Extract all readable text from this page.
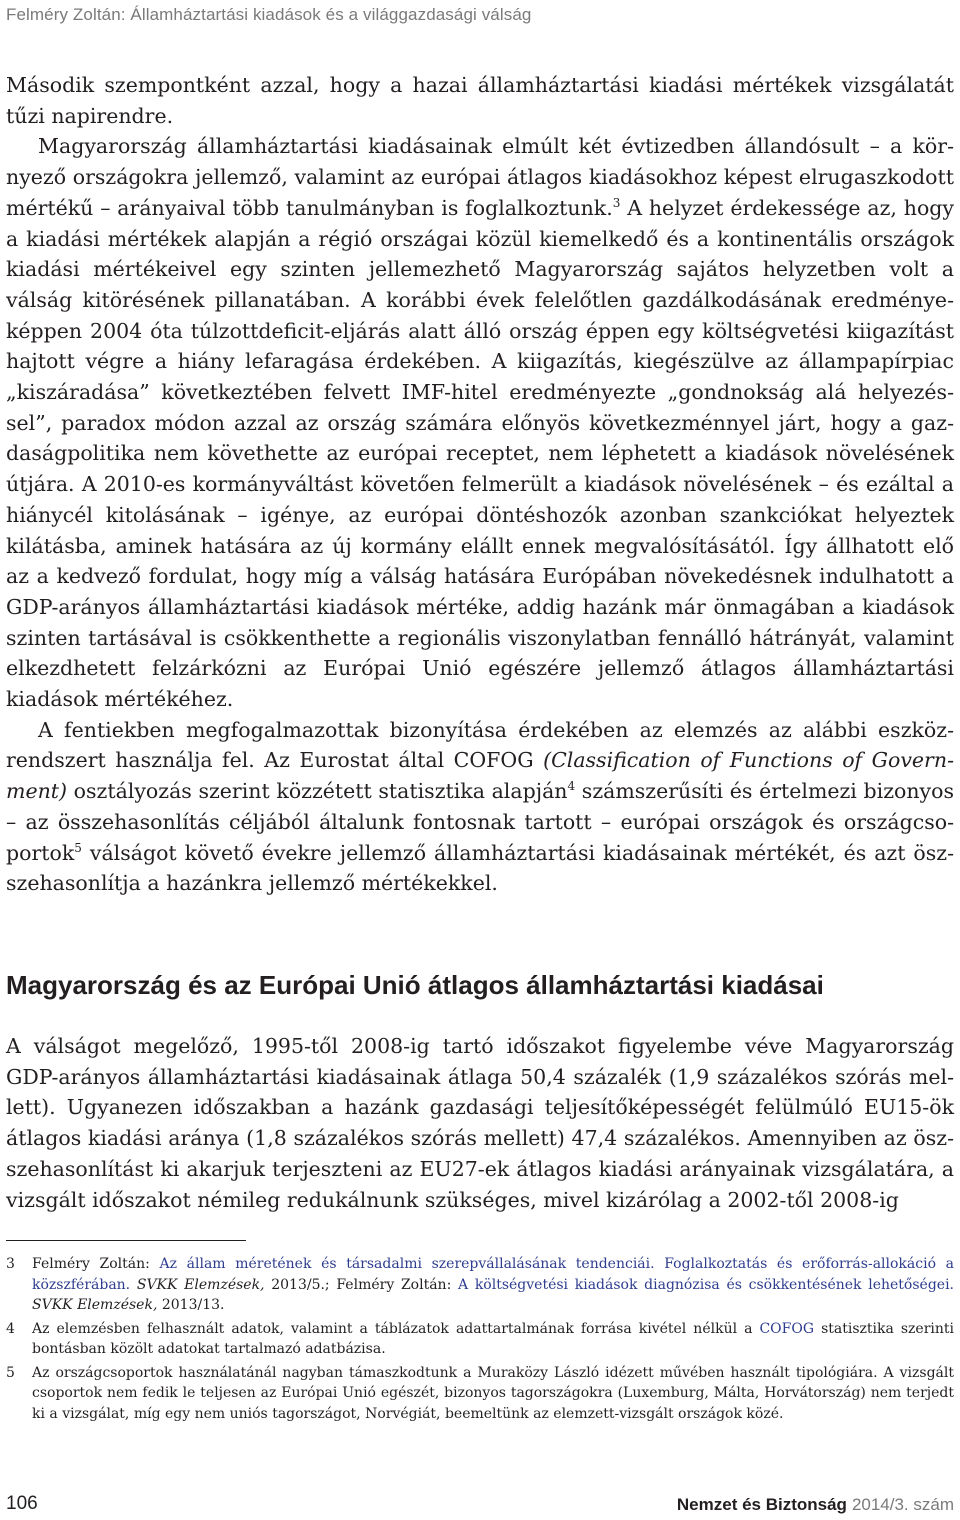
Felméry Zoltán: Államháztartási kiadások és a világgazdasági válság

Második szempontként azzal, hogy a hazai államháztartási kiadási mértékek vizsgálatát tűzi napirendre.

Magyarország államháztartási kiadásainak elmúlt két évtizedben állandósult – a környező országokra jellemző, valamint az európai átlagos kiadásokhoz képest elrugaszkodott mértékű – arányaival több tanulmányban is foglalkoztunk.$^3$ A helyzet érdekessége az, hogy a kiadási mértékek alapján a régió országai közül kiemelkedő és a kontinentális országok kiadási mértékeivel egy szinten jellemezhető Magyarország sajátos helyzetben volt a válság kitörésének pillanatában. A korábbi évek felelőtlen gazdálkodásának eredményeképpen 2004 óta túlzottdeficit-eljárás alatt álló ország éppen egy költségvetési kiigazítást hajtott végre a hiány lefaragása érdekében. A kiigazítás, kiegészülve az állampapírpiac „kiszáradása” következtében felvett IMF-hitel eredményezte „gondnokság alá helyezéssel”, paradox módon azzal az ország számára előnyös következménnyel járt, hogy a gazdaságpolitika nem követhette az európai receptet, nem léphetett a kiadások növelésének útjára. A 2010-es kormányváltást követően felmerült a kiadások növelésének – és ezáltal a hiánycél kitolásának – igénye, az európai döntéshozók azonban szankciókat helyeztek kilátásba, aminek hatására az új kormány elállt ennek megvalósításától. Így állhatott elő az a kedvező fordulat, hogy míg a válság hatására Európában növekedésnek indulhatott a GDP-arányos államháztartási kiadások mértéke, addig hazánk már önmagában a kiadások szinten tartásával is csökkenthette a regionális viszonylatban fennálló hátrányát, valamint elkezdhetett felzárkózni az Európai Unió egészére jellemző átlagos államháztartási kiadások mértékéhez.

A fentiekben megfogalmazottak bizonyítása érdekében az elemzés az alábbi eszközrendszert használja fel. Az Eurostat által COFOG (Classification of Functions of Government) osztályozás szerint közzétett statisztika alapján$^4$ számszerűsíti és értelmezi bizonyos – az összehasonlítás céljából általunk fontosnak tartott – európai országok és országcsoportok$^5$ válságot követő évekre jellemző államháztartási kiadásainak mértékét, és azt öszszehasonlítja a hazánkra jellemző mértékekkel.

Magyarország és az Európai Unió átlagos államháztartási kiadásai

A válságot megelőző, 1995-től 2008-ig tartó időszakot figyelembe véve Magyarország GDP-arányos államháztartási kiadásainak átlaga 50,4 százalék (1,9 százalékos szórás mellett). Ugyanezen időszakban a hazánk gazdasági teljesítőképességét felülmúló EU15-ök átlagos kiadási aránya (1,8 százalékos szórás mellett) 47,4 százalékos. Amennyiben az öszszehasonlítást ki akarjuk terjeszteni az EU27-ek átlagos kiadási arányainak vizsgálatára, a vizsgált időszakot némileg redukálnunk szükséges, mivel kizárólag a 2002-től 2008-ig

3	Felméry Zoltán: Az állam méretének és társadalmi szerepvállalásának tendenciái. Foglalkoztatás és erőforrás-allokáció a közszférában. SVKK Elemzések, 2013/5.; Felméry Zoltán: A költségvetési kiadások diagnózisa és csökkentésének lehetőségei. SVKK Elemzések, 2013/13.
4	Az elemzésben felhasznált adatok, valamint a táblázatok adattartalmának forrása kivétel nélkül a COFOG statisztika szerinti bontásban közölt adatokat tartalmazó adatbázisa.
5	Az országcsoportok használatánál nagyban támaszkodtunk a Muraközy László idézett művében használt tipológiára. A vizsgált csoportok nem fedik le teljesen az Európai Unió egészét, bizonyos tagországokra (Luxemburg, Málta, Horvátország) nem terjedt ki a vizsgálat, míg egy nem uniós tagországot, Norvégiát, beemeltünk az elemzett-vizsgált országok közé.
106	Nemzet és Biztonság 2014/3. szám
